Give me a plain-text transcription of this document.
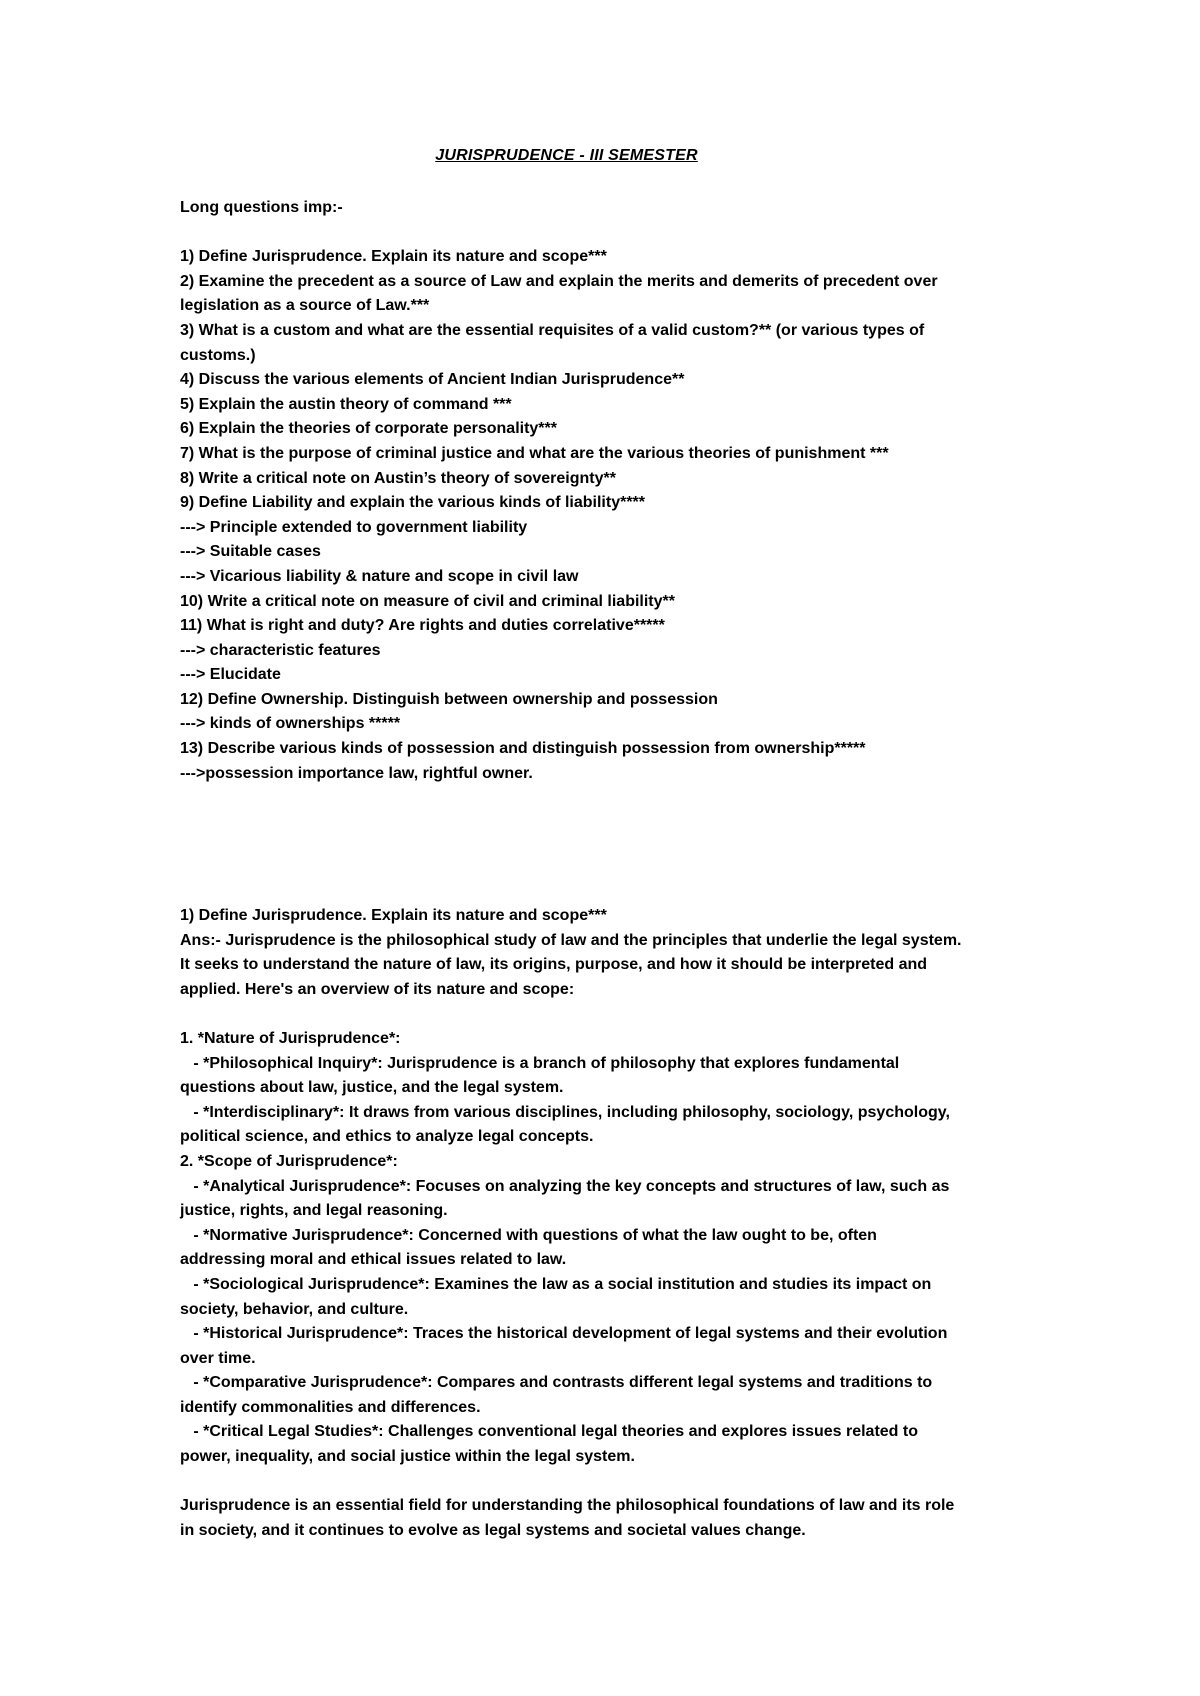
JURISPRUDENCE - III SEMESTER

Long questions imp:-

1) Define Jurisprudence. Explain its nature and scope***

2) Examine the precedent as a source of Law and explain the merits and demerits of precedent over

legislation as a source of Law.***

3) What is a custom and what are the essential requisites of a valid custom?** (or various types of

customs.)

4) Discuss the various elements of Ancient Indian Jurisprudence**

5) Explain the austin theory of command ***

6) Explain the theories of corporate personality***

7) What is the purpose of criminal justice and what are the various theories of punishment ***

8) Write a critical note on Austin’s theory of sovereignty**

9) Define Liability and explain the various kinds of liability****

---> Principle extended to government liability

---> Suitable cases

---> Vicarious liability & nature and scope in civil law

10) Write a critical note on measure of civil and criminal liability**

11) What is right and duty? Are rights and duties correlative*****

---> characteristic features

---> Elucidate

12) Define Ownership. Distinguish between ownership and possession

---> kinds of ownerships *****

13) Describe various kinds of possession and distinguish possession from ownership*****

--->possession importance law, rightful owner.

1) Define Jurisprudence. Explain its nature and scope***

Ans:- Jurisprudence is the philosophical study of law and the principles that underlie the legal system.

It seeks to understand the nature of law, its origins, purpose, and how it should be interpreted and

applied. Here's an overview of its nature and scope:

1. *Nature of Jurisprudence*:

- *Philosophical Inquiry*: Jurisprudence is a branch of philosophy that explores fundamental

questions about law, justice, and the legal system.

- *Interdisciplinary*: It draws from various disciplines, including philosophy, sociology, psychology,

political science, and ethics to analyze legal concepts.

2. *Scope of Jurisprudence*:

- *Analytical Jurisprudence*: Focuses on analyzing the key concepts and structures of law, such as

justice, rights, and legal reasoning.

- *Normative Jurisprudence*: Concerned with questions of what the law ought to be, often

addressing moral and ethical issues related to law.

- *Sociological Jurisprudence*: Examines the law as a social institution and studies its impact on

society, behavior, and culture.

- *Historical Jurisprudence*: Traces the historical development of legal systems and their evolution

over time.

- *Comparative Jurisprudence*: Compares and contrasts different legal systems and traditions to

identify commonalities and differences.

- *Critical Legal Studies*: Challenges conventional legal theories and explores issues related to

power, inequality, and social justice within the legal system.

Jurisprudence is an essential field for understanding the philosophical foundations of law and its role

in society, and it continues to evolve as legal systems and societal values change.
